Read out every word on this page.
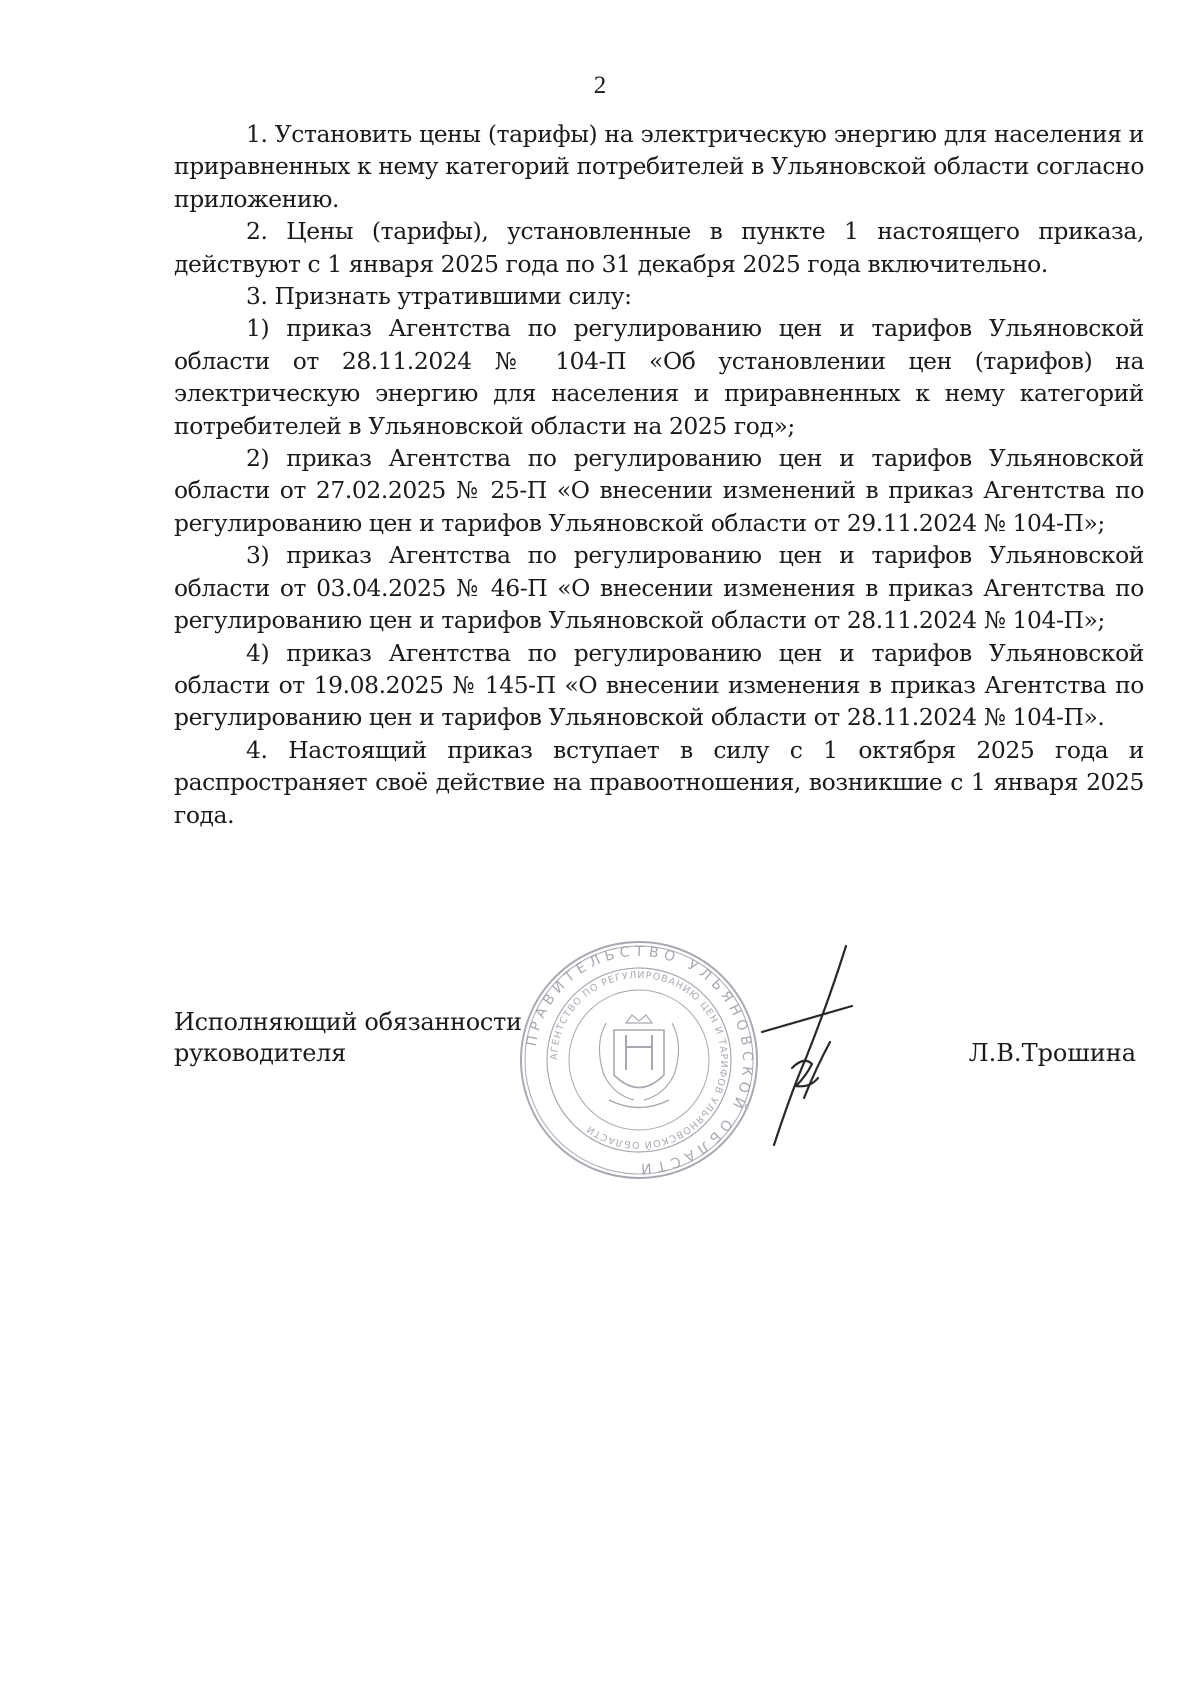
2

1. Установить цены (тарифы) на электрическую энергию для населения и приравненных к нему категорий потребителей в Ульяновской области согласно приложению.

2. Цены (тарифы), установленные в пункте 1 настоящего приказа, действуют с 1 января 2025 года по 31 декабря 2025 года включительно.

3. Признать утратившими силу:

1) приказ Агентства по регулированию цен и тарифов Ульяновской области от 28.11.2024 № 104-П «Об установлении цен (тарифов) на электрическую энергию для населения и приравненных к нему категорий потребителей в Ульяновской области на 2025 год»;

2) приказ Агентства по регулированию цен и тарифов Ульяновской области от 27.02.2025 № 25-П «О внесении изменений в приказ Агентства по регулированию цен и тарифов Ульяновской области от 29.11.2024 № 104-П»;

3) приказ Агентства по регулированию цен и тарифов Ульяновской области от 03.04.2025 № 46-П «О внесении изменения в приказ Агентства по регулированию цен и тарифов Ульяновской области от 28.11.2024 № 104-П»;

4) приказ Агентства по регулированию цен и тарифов Ульяновской области от 19.08.2025 № 145-П «О внесении изменения в приказ Агентства по регулированию цен и тарифов Ульяновской области от 28.11.2024 № 104-П».

4. Настоящий приказ вступает в силу с 1 октября 2025 года и распространяет своё действие на правоотношения, возникшие с 1 января 2025 года.

Исполняющий обязанности
руководителя
ПРАВИТЕЛЬСТВО УЛЬЯНОВСКОЙ ОБЛАСТИ
АГЕНТСТВО ПО РЕГУЛИРОВАНИЮ ЦЕН И ТАРИФОВ УЛЬЯНОВСКОЙ ОБЛАСТИ
Л.В.Трошина
